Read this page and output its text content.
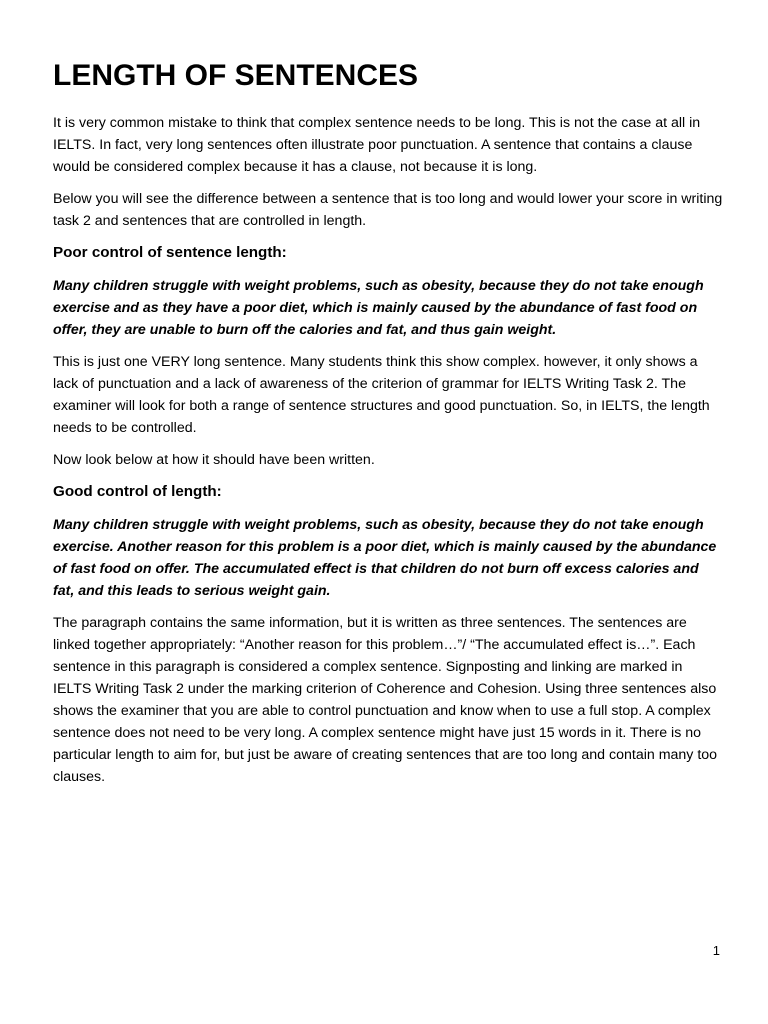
LENGTH OF SENTENCES

It is very common mistake to think that complex sentence needs to be long. This is not the case at all in IELTS. In fact, very long sentences often illustrate poor punctuation. A sentence that contains a clause would be considered complex because it has a clause, not because it is long.

Below you will see the difference between a sentence that is too long and would lower your score in writing task 2 and sentences that are controlled in length.

Poor control of sentence length:

Many children struggle with weight problems, such as obesity, because they do not take enough exercise and as they have a poor diet, which is mainly caused by the abundance of fast food on offer, they are unable to burn off the calories and fat, and thus gain weight.

This is just one VERY long sentence. Many students think this show complex. however, it only shows a lack of punctuation and a lack of awareness of the criterion of grammar for IELTS Writing Task 2. The examiner will look for both a range of sentence structures and good punctuation. So, in IELTS, the length needs to be controlled.

Now look below at how it should have been written.

Good control of length:

Many children struggle with weight problems, such as obesity, because they do not take enough exercise. Another reason for this problem is a poor diet, which is mainly caused by the abundance of fast food on offer. The accumulated effect is that children do not burn off excess calories and fat, and this leads to serious weight gain.

The paragraph contains the same information, but it is written as three sentences. The sentences are linked together appropriately: “Another reason for this problem…”/ “The accumulated effect is…”. Each sentence in this paragraph is considered a complex sentence. Signposting and linking are marked in IELTS Writing Task 2 under the marking criterion of Coherence and Cohesion. Using three sentences also shows the examiner that you are able to control punctuation and know when to use a full stop. A complex sentence does not need to be very long. A complex sentence might have just 15 words in it. There is no particular length to aim for, but just be aware of creating sentences that are too long and contain many too clauses.

1
